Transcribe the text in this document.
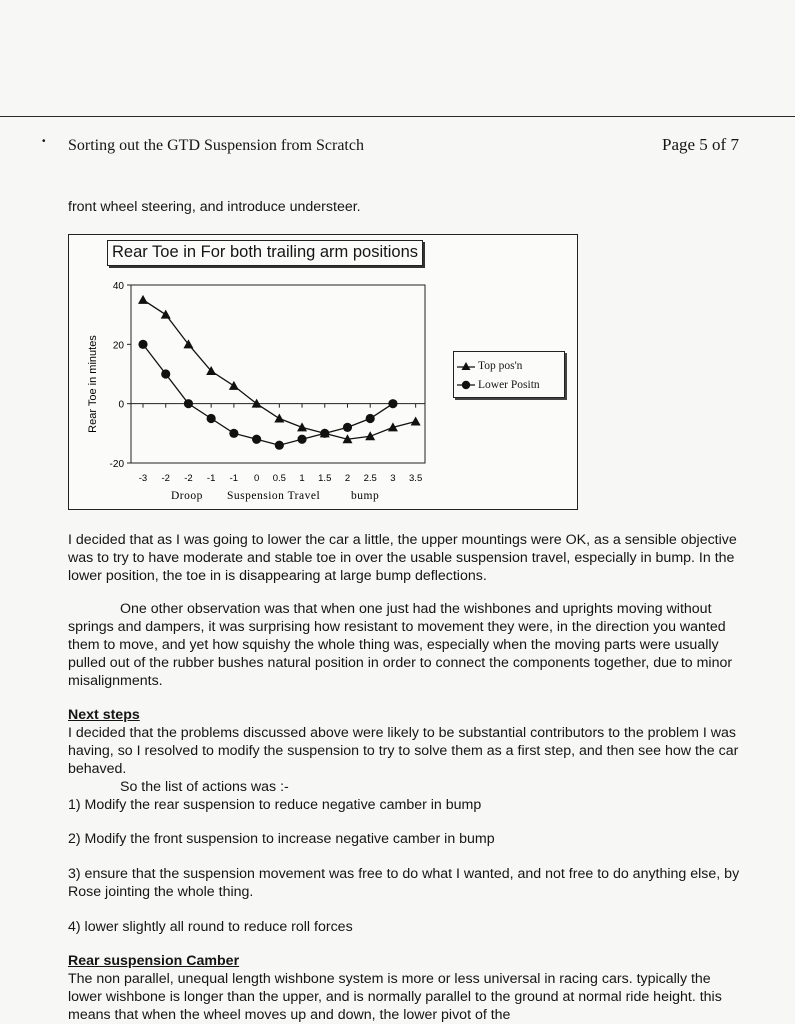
• Sorting out the GTD Suspension from Scratch	Page 5 of 7

front wheel steering, and introduce understeer.

40
20
0
-20
-3 -2 -2 -1 -1 0 0.5 1 1.5 2 2.5 3 3.5
Rear Toe in minutes
Droop Suspension Travel	bump
Rear Toe in For both trailing arm positions
Top pos'n
Lower Positn

I decided that as I was going to lower the car a little, the upper mountings were OK, as a sensible objective was to try to have moderate and stable toe in over the usable suspension travel, especially in bump. In the lower position, the toe in is disappearing at large bump deflections.

One other observation was that when one just had the wishbones and uprights moving without springs and dampers, it was surprising how resistant to movement they were, in the direction you wanted them to move, and yet how squishy the whole thing was, especially when the moving parts were usually pulled out of the rubber bushes natural position in order to connect the components together, due to minor misalignments.

Next steps

I decided that the problems discussed above were likely to be substantial contributors to the problem I was having, so I resolved to modify the suspension to try to solve them as a first step, and then see how the car behaved.

So the list of actions was :-

1) Modify the rear suspension to reduce negative camber in bump

2) Modify the front suspension to increase negative camber in bump

3) ensure that the suspension movement was free to do what I wanted, and not free to do anything else, by Rose jointing the whole thing.

4) lower slightly all round to reduce roll forces

Rear suspension Camber

The non parallel, unequal length wishbone system is more or less universal in racing cars. typically the lower wishbone is longer than the upper, and is normally parallel to the ground at normal ride height. this means that when the wheel moves up and down, the lower pivot of the
